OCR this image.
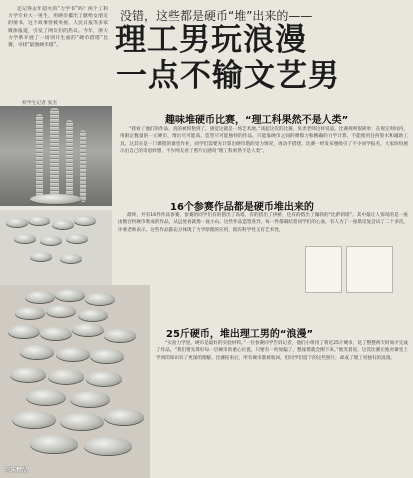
还记得去年超火的“力学书”吗？两个工科力学专业大一男生，用硬币摞出了献给女朋友的情书，这个故事曾被央视、人民日报等多家媒体报道，引发了网友们的热议。今年，浙大力学系开展了一场别开生面的“硬币搭塔”比赛，寻找“最强硬币塔”。

校学生记者 张杰
没错，这些都是硬币“堆”出来的——
理工男玩浪漫
一点不输文艺男
趣味堆硬币比赛，“理工科果然不是人类”

“我看了他们的作品，真的被惊艳到了，感觉这就是一场艺术展。”谈起这次的比赛，负责老师这样说道。比赛规则很简单：在规定时间内，用限定数量的一元硬币，堆出尽可能高、造型尽可能独特的作品，只能靠硬币之间的摩擦力和精确的力学计算，不能使用任何胶水和辅助工具。这其实是一门课程的课堂作业，同学们需要先计算出硬币塔的受力情况，再动手搭建。比赛一经发布便吸引了不少同学报名，大家纷纷展示出自己的奇思妙想，不少网友看了照片后感叹“理工科果然不是人类”。

16个参赛作品都是硬币堆出来的

最终，共有16件作品参赛，参赛的同学们有的搭出了高塔，有的搭出了拱桥，还有的搭出了倾斜的“比萨斜塔”。其中最让人惊叹的是一座由数百枚硬币堆成的作品，从远处看就像一座小山。这些作品造型各异，每一件都凝结着同学们的心血，有人为了一座塔反复尝试了二十多次。评委老师表示，这些作品都充分体现了力学原理的应用，既有科学性又有艺术性。

25斤硬币，堆出理工男的“浪漫”

“实验力学里，硬币是最好的实验材料。”一位参赛同学告诉记者，他们小组用了将近25斤硬币，花了整整两天时间才完成了作品。“我们要先算好每一层硬币的重心位置，只要有一枚放偏了，整座塔就会倒下来。”他笑着说，这次比赛让他对课堂上学到的知识有了更深的理解。比赛结束后，所有硬币都被收回，但同学们留下的这些照片，却成了理工男独有的浪漫。

吃珠精品
